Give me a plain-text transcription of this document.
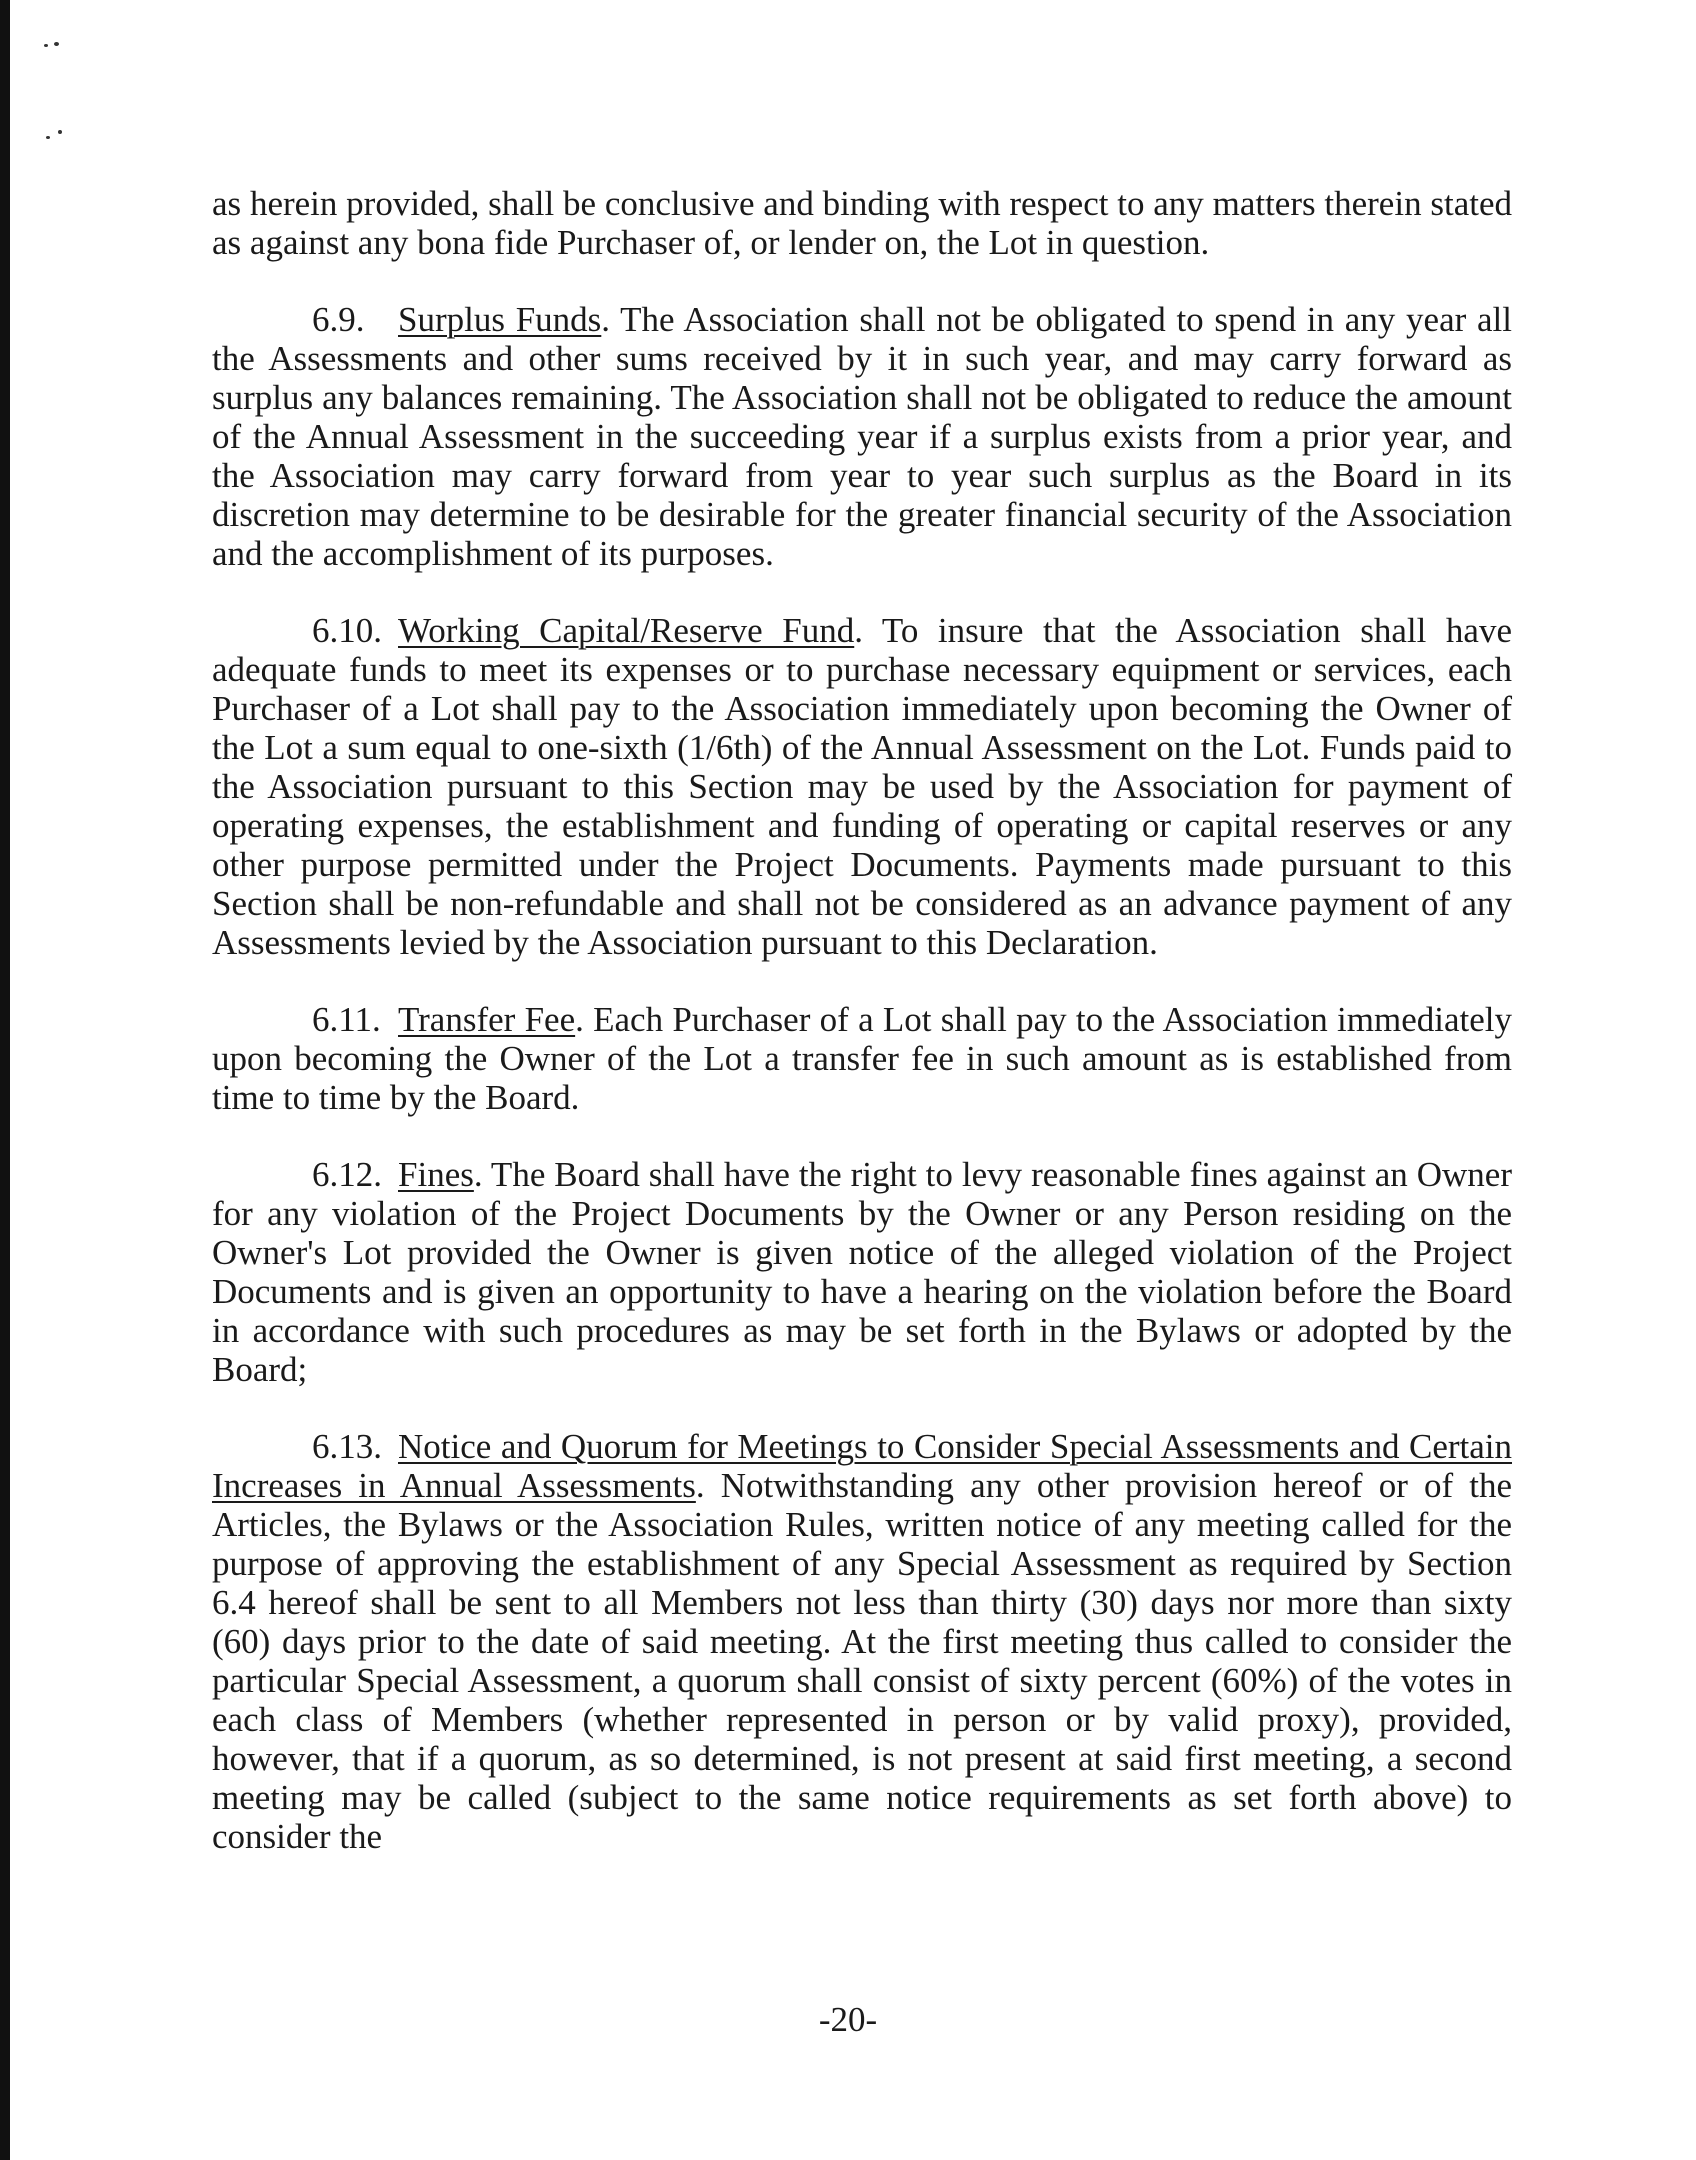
as herein provided, shall be conclusive and binding with respect to any matters therein stated as against any bona fide Purchaser of, or lender on, the Lot in question.

6.9. Surplus Funds. The Association shall not be obligated to spend in any year all the Assessments and other sums received by it in such year, and may carry forward as surplus any balances remaining. The Association shall not be obligated to reduce the amount of the Annual Assessment in the succeeding year if a surplus exists from a prior year, and the Association may carry forward from year to year such surplus as the Board in its discretion may determine to be desirable for the greater financial security of the Association and the accomplishment of its purposes.

6.10. Working Capital/Reserve Fund. To insure that the Association shall have adequate funds to meet its expenses or to purchase necessary equipment or services, each Purchaser of a Lot shall pay to the Association immediately upon becoming the Owner of the Lot a sum equal to one-sixth (1/6th) of the Annual Assessment on the Lot. Funds paid to the Association pursuant to this Section may be used by the Association for payment of operating expenses, the establishment and funding of operating or capital reserves or any other purpose permitted under the Project Documents. Payments made pursuant to this Section shall be non-refundable and shall not be considered as an advance payment of any Assessments levied by the Association pursuant to this Declaration.

6.11. Transfer Fee. Each Purchaser of a Lot shall pay to the Association immediately upon becoming the Owner of the Lot a transfer fee in such amount as is established from time to time by the Board.

6.12. Fines. The Board shall have the right to levy reasonable fines against an Owner for any violation of the Project Documents by the Owner or any Person residing on the Owner's Lot provided the Owner is given notice of the alleged violation of the Project Documents and is given an opportunity to have a hearing on the violation before the Board in accordance with such procedures as may be set forth in the Bylaws or adopted by the Board;

6.13. Notice and Quorum for Meetings to Consider Special Assessments and Certain Increases in Annual Assessments. Notwithstanding any other provision hereof or of the Articles, the Bylaws or the Association Rules, written notice of any meeting called for the purpose of approving the establishment of any Special Assessment as required by Section 6.4 hereof shall be sent to all Members not less than thirty (30) days nor more than sixty (60) days prior to the date of said meeting. At the first meeting thus called to consider the particular Special Assessment, a quorum shall consist of sixty percent (60%) of the votes in each class of Members (whether represented in person or by valid proxy), provided, however, that if a quorum, as so determined, is not present at said first meeting, a second meeting may be called (subject to the same notice requirements as set forth above) to consider the

-20-
